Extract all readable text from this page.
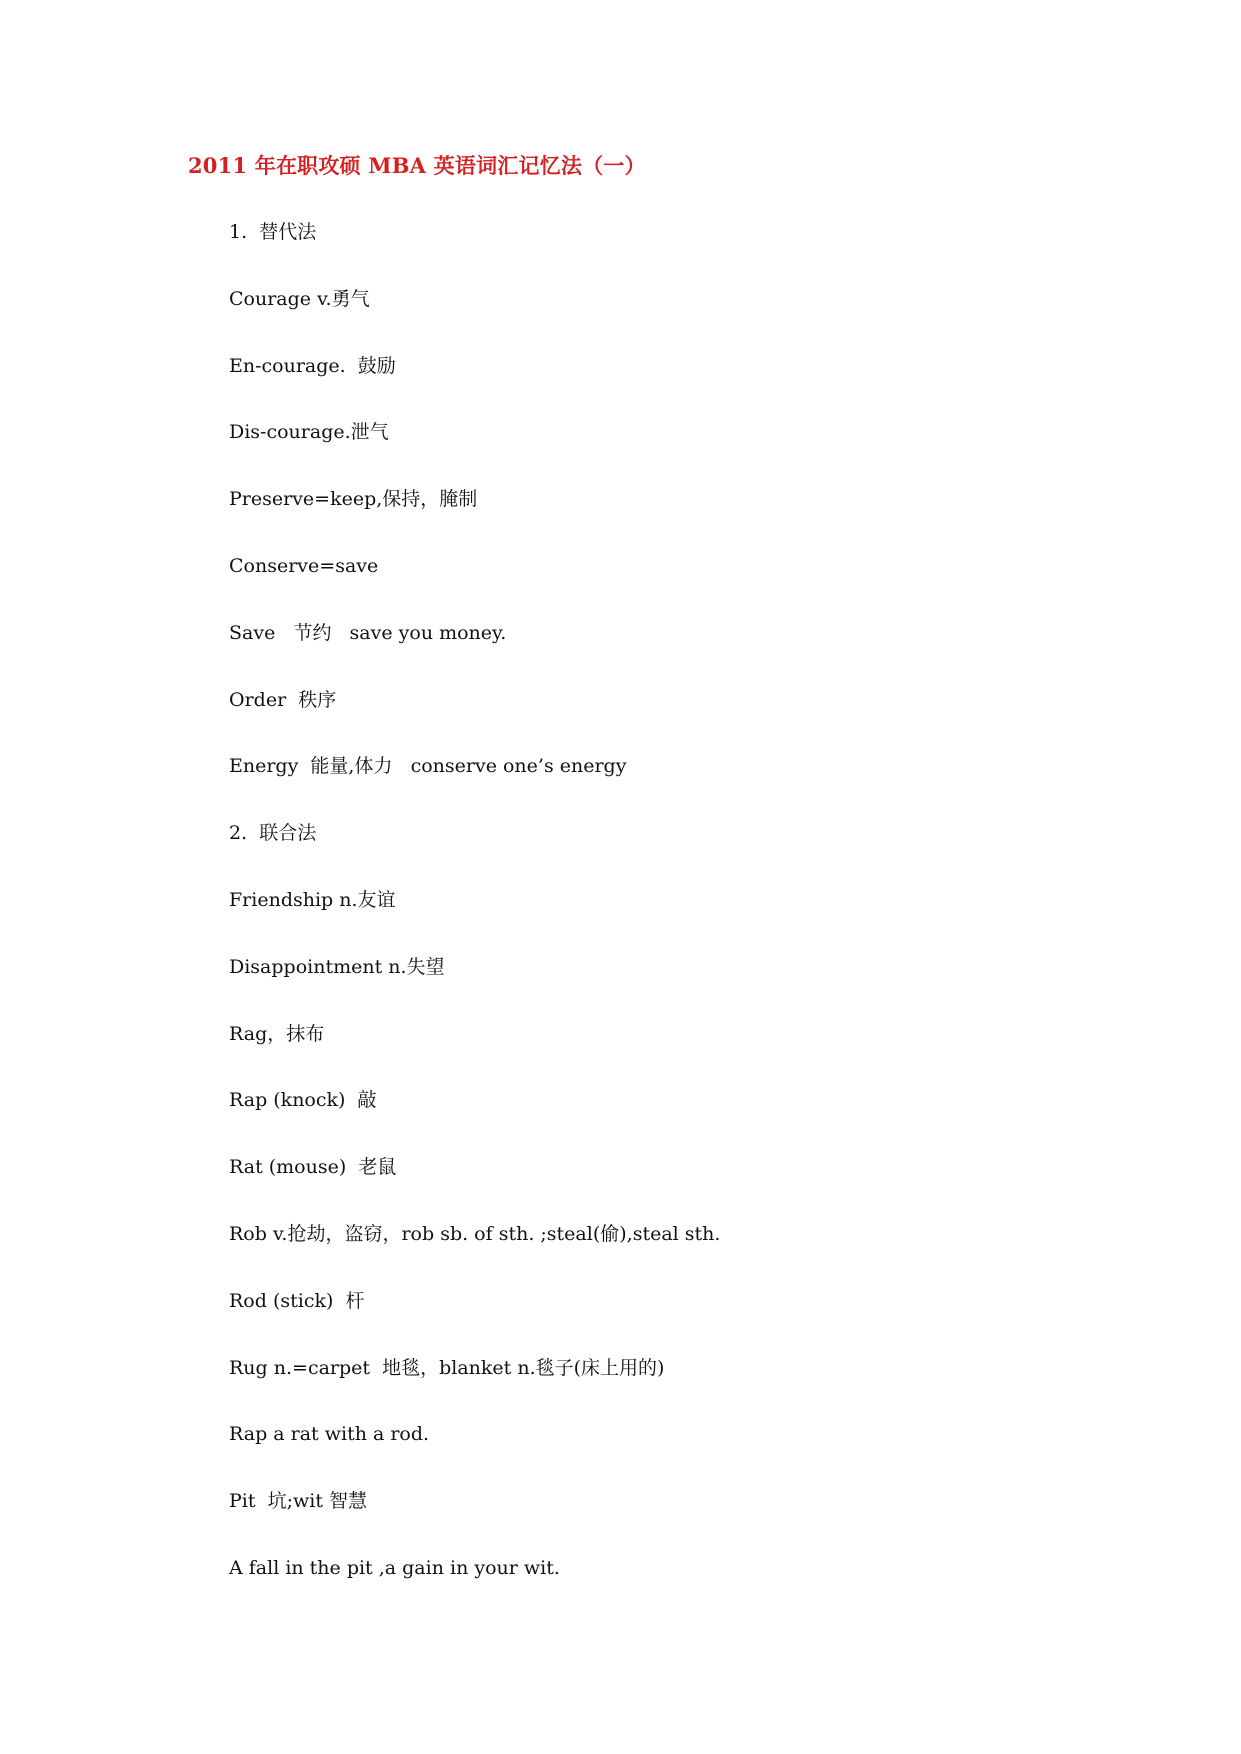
2011 年在职攻硕 MBA 英语词汇记忆法（一）
1.  替代法
Courage v.勇气
En-courage.  鼓励
Dis-courage.泄气
Preserve=keep,保持，腌制
Conserve=save
Save   节约   save you money.
Order  秩序
Energy  能量,体力   conserve one’s energy
2.  联合法
Friendship n.友谊
Disappointment n.失望
Rag，抹布
Rap (knock)  敲
Rat (mouse)  老鼠
Rob v.抢劫，盗窃，rob sb. of sth. ;steal(偷),steal sth.
Rod (stick)  杆
Rug n.=carpet  地毯，blanket n.毯子(床上用的)
Rap a rat with a rod.
Pit  坑;wit 智慧
A fall in the pit ,a gain in your wit.
